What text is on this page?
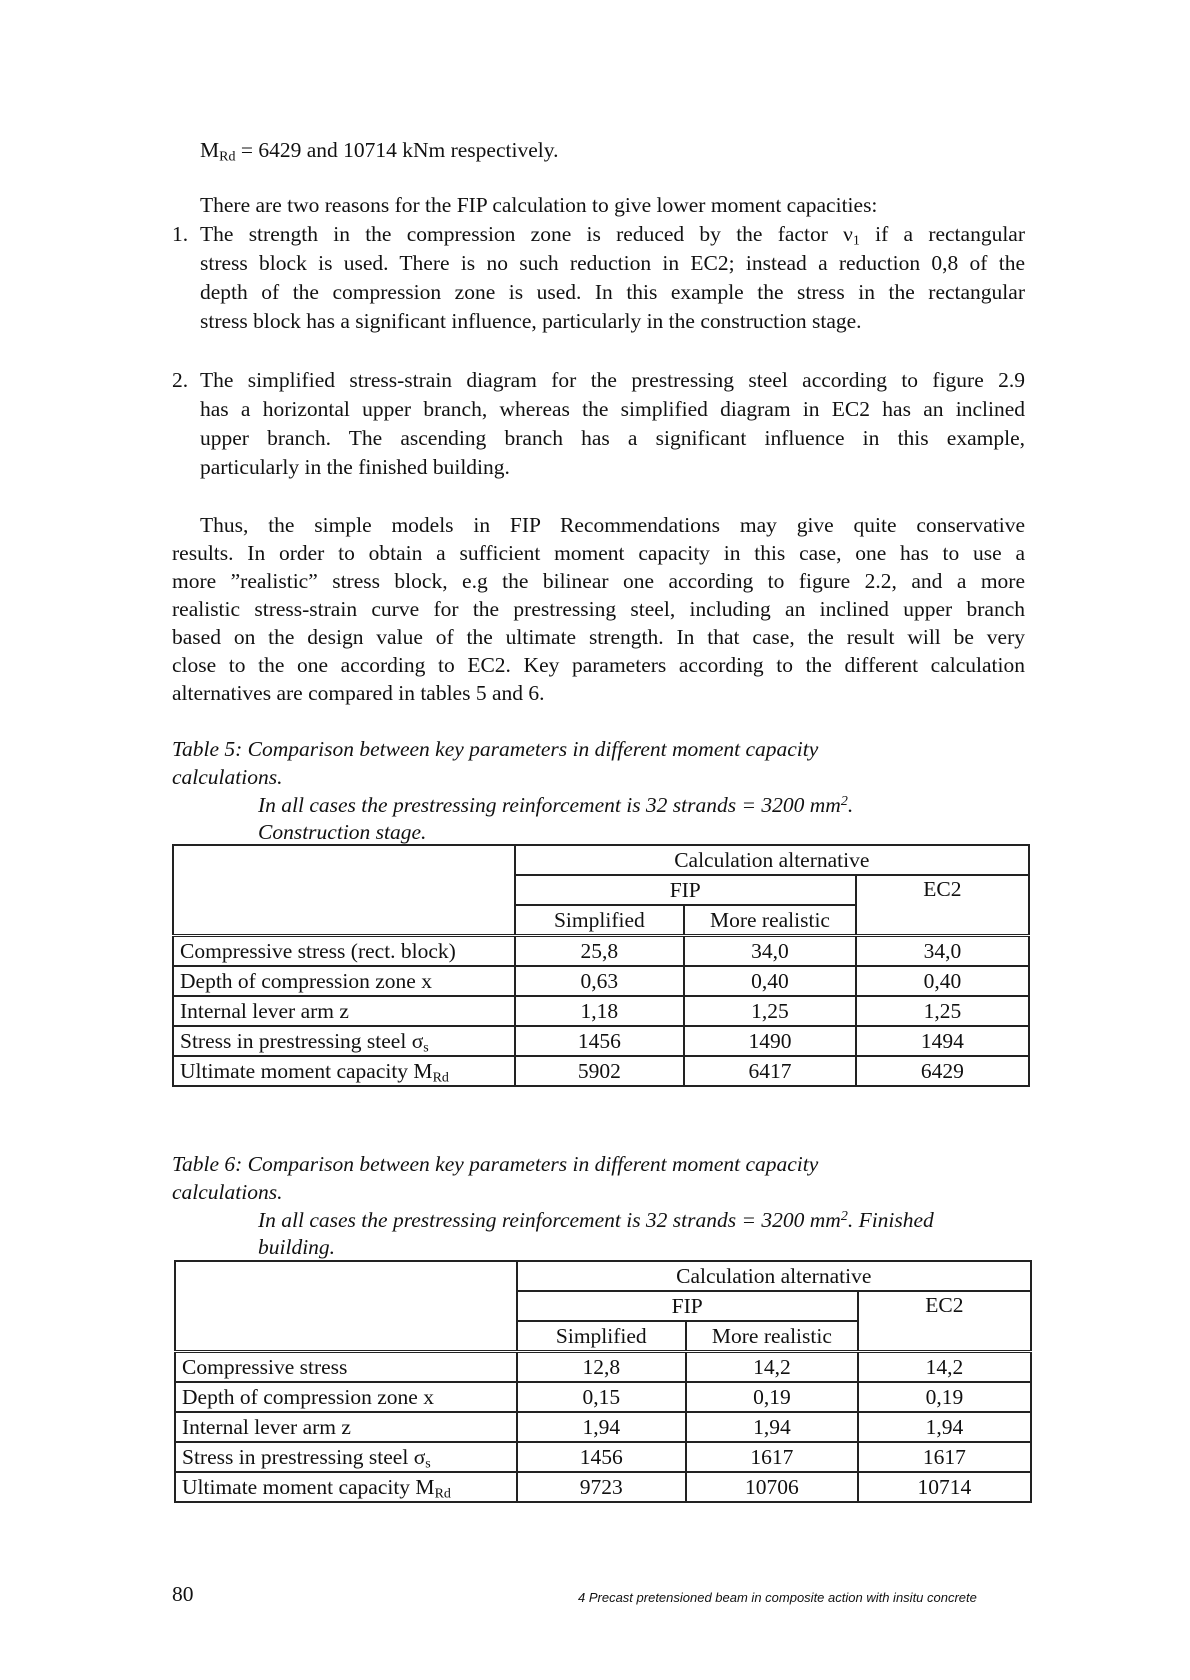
$M_{Rd} = 6429$ and 10714 kNm respectively.
There are two reasons for the FIP calculation to give lower moment capacities:
1. The strength in the compression zone is reduced by the factor $\nu_1$ if a rectangular
stress block is used. There is no such reduction in EC2; instead a reduction 0,8 of the
depth of the compression zone is used. In this example the stress in the rectangular
stress block has a significant influence, particularly in the construction stage.
2. The simplified stress-strain diagram for the prestressing steel according to figure 2.9
has a horizontal upper branch, whereas the simplified diagram in EC2 has an inclined
upper branch. The ascending branch has a significant influence in this example,
particularly in the finished building.
Thus, the simple models in FIP Recommendations may give quite conservative
results. In order to obtain a sufficient moment capacity in this case, one has to use a
more ”realistic” stress block, e.g the bilinear one according to figure 2.2, and a more
realistic stress-strain curve for the prestressing steel, including an inclined upper branch
based on the design value of the ultimate strength. In that case, the result will be very
close to the one according to EC2. Key parameters according to the different calculation
alternatives are compared in tables 5 and 6.
Table 5: Comparison between key parameters in different moment capacity
calculations.
In all cases the prestressing reinforcement is 32 strands = 3200 $mm^2$.
Construction stage.
	Calculation alternative		
	FIP		EC2
	Simplified	More realistic	
Compressive stress (rect. block)	25,8	34,0	34,0
Depth of compression zone x	0,63	0,40	0,40
Internal lever arm z	1,18	1,25	1,25
Stress in prestressing steel $\sigma_s$	1456	1490	1494
Ultimate moment capacity $M_{Rd}$	5902	6417	6429
Table 6: Comparison between key parameters in different moment capacity
calculations.
In all cases the prestressing reinforcement is 32 strands = 3200 $mm^2$. Finished
building.
	Calculation alternative		
	FIP		EC2
	Simplified	More realistic	
Compressive stress	12,8	14,2	14,2
Depth of compression zone x	0,15	0,19	0,19
Internal lever arm z	1,94	1,94	1,94
Stress in prestressing steel $\sigma_s$	1456	1617	1617
Ultimate moment capacity $M_{Rd}$	9723	10706	10714
80	4 Precast pretensioned beam in composite action with insitu concrete
